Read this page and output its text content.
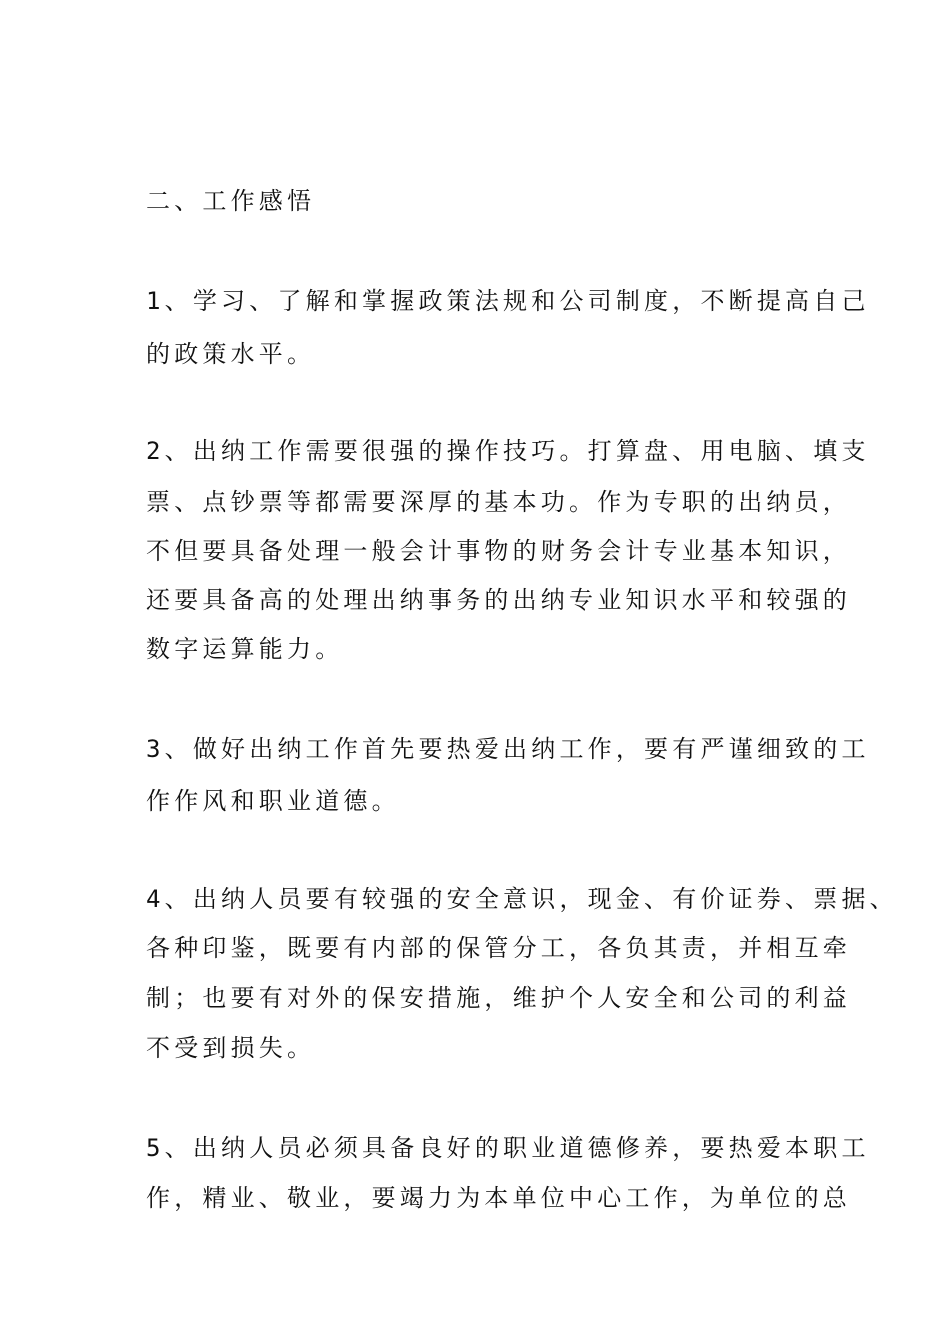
二、工作感悟
1、学习、了解和掌握政策法规和公司制度，不断提高自己
的政策水平。
2、出纳工作需要很强的操作技巧。打算盘、用电脑、填支
票、点钞票等都需要深厚的基本功。作为专职的出纳员，
不但要具备处理一般会计事物的财务会计专业基本知识，
还要具备高的处理出纳事务的出纳专业知识水平和较强的
数字运算能力。
3、做好出纳工作首先要热爱出纳工作，要有严谨细致的工
作作风和职业道德。
4、出纳人员要有较强的安全意识，现金、有价证券、票据、
各种印鉴，既要有内部的保管分工，各负其责，并相互牵
制；也要有对外的保安措施，维护个人安全和公司的利益
不受到损失。
5、出纳人员必须具备良好的职业道德修养，要热爱本职工
作，精业、敬业，要竭力为本单位中心工作，为单位的总
